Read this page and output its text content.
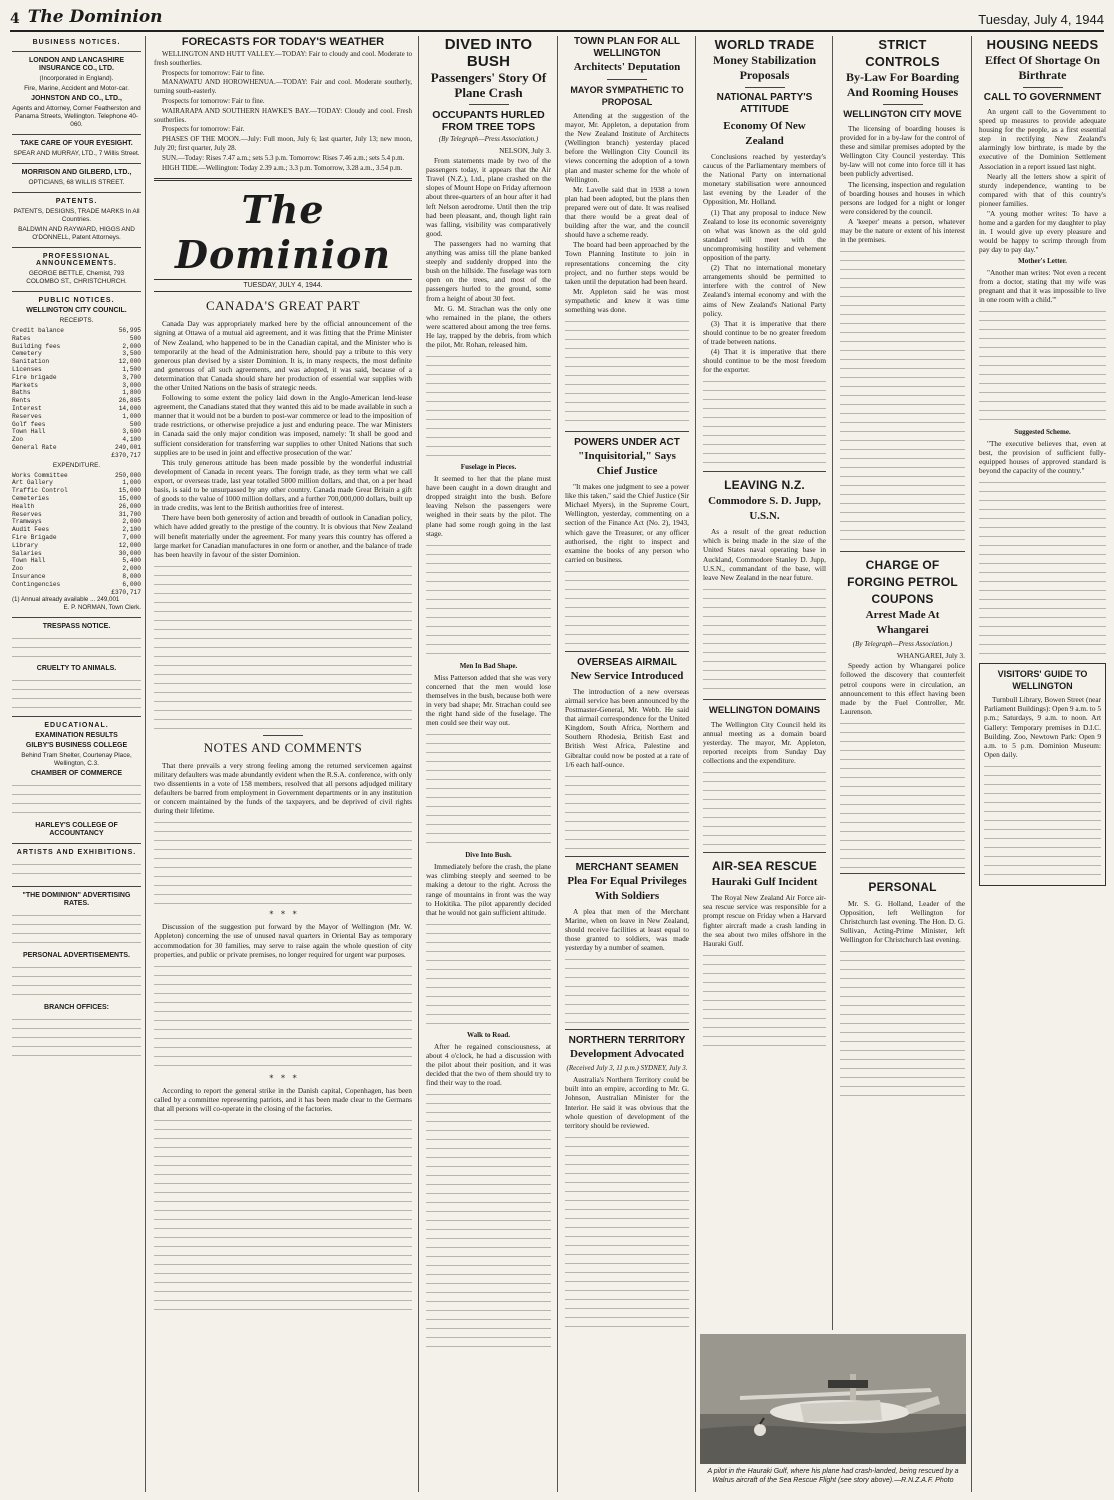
4 The Dominion	Tuesday, July 4, 1944
BUSINESS NOTICES.
LONDON AND LANCASHIRE INSURANCE CO., LTD.
(Incorporated in England).
Fire, Marine, Accident and Motor-car.
JOHNSTON AND CO., LTD.,
Agents and Attorney, Corner Featherston and Panama Streets, Wellington. Telephone 40-060.
TAKE CARE OF YOUR EYESIGHT.
SPEAR AND MURRAY, LTD., 7 Willis Street.
MORRISON AND GILBERD, LTD.,
OPTICIANS, 68 WILLIS STREET.
PATENTS.
PATENTS, DESIGNS, TRADE MARKS In All Countries.
BALDWIN AND RAYWARD, HIGGS AND O'DONNELL, Patent Attorneys.
PROFESSIONAL ANNOUNCEMENTS.
GEORGE BETTLE, Chemist, 793 COLOMBO ST., CHRISTCHURCH.
PUBLIC NOTICES.
WELLINGTON CITY COUNCIL.
RECEIPTS.
Credit balance	56,995
Rates	500
Building fees	2,000
Cemetery	3,500
Sanitation	12,000
Licenses	1,500
Fire brigade	3,700
Markets	3,000
Baths	1,800
Rents	26,805
Interest	14,000
Reserves	1,000
Golf fees	500
Town Hall	3,600
Zoo	4,100
General Rate	249,001
£370,717
EXPENDITURE.
Works Committee	250,000
Art Gallery	1,000
Traffic Control	15,000
Cemeteries	15,000
Health	26,000
Reserves	31,700
Tramways	2,000
Audit Fees	2,100
Fire Brigade	7,000
Library	12,000
Salaries	30,000
Town Hall	5,400
Zoo	2,000
Insurance	8,000
Contingencies	6,000
£370,717
(1) Annual already available ... 249,001
E. P. NORMAN, Town Clerk.
TRESPASS NOTICE.
CRUELTY TO ANIMALS.
EDUCATIONAL.
EXAMINATION RESULTS
GILBY'S BUSINESS COLLEGE
Behind Tram Shelter, Courtenay Place, Wellington, C.3.
CHAMBER OF COMMERCE
HARLEY'S COLLEGE OF ACCOUNTANCY
ARTISTS AND EXHIBITIONS.
"THE DOMINION" ADVERTISING RATES.
PERSONAL ADVERTISEMENTS.
BRANCH OFFICES:
FORECASTS FOR TODAY'S WEATHER

WELLINGTON AND HUTT VALLEY.—TODAY: Fair to cloudy and cool. Moderate to fresh southerlies.

Prospects for tomorrow: Fair to fine.

MANAWATU AND HOROWHENUA.—TODAY: Fair and cool. Moderate southerly, turning south-easterly.

Prospects for tomorrow: Fair to fine.

WAIRARAPA AND SOUTHERN HAWKE'S BAY.—TODAY: Cloudy and cool. Fresh southerlies.

Prospects for tomorrow: Fair.

PHASES OF THE MOON.—July: Full moon, July 6; last quarter, July 13; new moon, July 20; first quarter, July 28.

SUN.—Today: Rises 7.47 a.m.; sets 5.3 p.m. Tomorrow: Rises 7.46 a.m.; sets 5.4 p.m.

HIGH TIDE.—Wellington: Today 2.39 a.m.; 3.3 p.m. Tomorrow, 3.28 a.m., 3.54 p.m.

The Dominion
TUESDAY, JULY 4, 1944.
CANADA'S GREAT PART

Canada Day was appropriately marked here by the official announcement of the signing at Ottawa of a mutual aid agreement, and it was fitting that the Prime Minister of New Zealand, who happened to be in the Canadian capital, and the Minister who is temporarily at the head of the Administration here, should pay a tribute to this very generous plan devised by a sister Dominion. It is, in many respects, the most definite and generous of all such agreements, and was adopted, it was said, because of a determination that Canada should share her production of essential war supplies with the other United Nations on the basis of strategic needs.

Following to some extent the policy laid down in the Anglo-American lend-lease agreement, the Canadians stated that they wanted this aid to be made available in such a manner that it would not be a burden to post-war commerce or lead to the imposition of trade restrictions, or otherwise prejudice a just and enduring peace. The war Ministers in Canada said the only major condition was imposed, namely: 'It shall be good and sufficient consideration for transferring war supplies to other United Nations that such supplies are to be used in joint and effective prosecution of the war.'

This truly generous attitude has been made possible by the wonderful industrial development of Canada in recent years. The foreign trade, as they term what we call export, or overseas trade, last year totalled 5000 million dollars, and that, on a per head basis, is said to be unsurpassed by any other country. Canada made Great Britain a gift of goods to the value of 1000 million dollars, and a further 700,000,000 dollars, built up in trade credits, was lent to the British authorities free of interest.

There have been both generosity of action and breadth of outlook in Canadian policy, which have added greatly to the prestige of the country. It is obvious that New Zealand will benefit materially under the agreement. For many years this country has offered a large market for Canadian manufactures in one form or another, and the balance of trade has been heavily in favour of the sister Dominion.

NOTES AND COMMENTS

That there prevails a very strong feeling among the returned servicemen against military defaulters was made abundantly evident when the R.S.A. conference, with only two dissentients in a vote of 158 members, resolved that all persons adjudged military defaulters be barred from employment in Government departments or in any institution or concern maintained by the funds of the taxpayers, and be deprived of civil rights during their lifetime.

*   *   *

Discussion of the suggestion put forward by the Mayor of Wellington (Mr. W. Appleton) concerning the use of unused naval quarters in Oriental Bay as temporary accommodation for 30 families, may serve to raise again the whole question of city properties, and public or private premises, no longer required for urgent war purposes.

*   *   *

According to report the general strike in the Danish capital, Copenhagen, has been called by a committee representing patriots, and it has been made clear to the Germans that all persons will co-operate in the closing of the factories.

DIVED INTO BUSH
Passengers' Story Of Plane Crash
OCCUPANTS HURLED FROM TREE TOPS
(By Telegraph—Press Association.)

NELSON, July 3.

From statements made by two of the passengers today, it appears that the Air Travel (N.Z.), Ltd., plane crashed on the slopes of Mount Hope on Friday afternoon about three-quarters of an hour after it had left Nelson aerodrome. Until then the trip had been pleasant, and, though light rain was falling, visibility was comparatively good.

The passengers had no warning that anything was amiss till the plane banked steeply and suddenly dropped into the bush on the hillside. The fuselage was torn open on the trees, and most of the passengers hurled to the ground, some from a height of about 30 feet.

Mr. G. M. Strachan was the only one who remained in the plane, the others were scattered about among the tree ferns. He lay, trapped by the debris, from which the pilot, Mr. Rohan, released him.

Fuselage in Pieces.

It seemed to her that the plane must have been caught in a down draught and dropped straight into the bush. Before leaving Nelson the passengers were weighed in their seats by the pilot. The plane had some rough going in the last stage.

Men In Bad Shape.

Miss Patterson added that she was very concerned that the men would lose themselves in the bush, because both were in very bad shape; Mr. Strachan could see the right hand side of the fuselage. The men could see their way out.

Dive Into Bush.

Immediately before the crash, the plane was climbing steeply and seemed to be making a detour to the right. Across the range of mountains in front was the way to Hokitika. The pilot apparently decided that he would not gain sufficient altitude.

Walk to Road.

After he regained consciousness, at about 4 o'clock, he had a discussion with the pilot about their position, and it was decided that the two of them should try to find their way to the road.

TOWN PLAN FOR ALL WELLINGTON
Architects' Deputation
MAYOR SYMPATHETIC TO PROPOSAL

Attending at the suggestion of the mayor, Mr. Appleton, a deputation from the New Zealand Institute of Architects (Wellington branch) yesterday placed before the Wellington City Council its views concerning the adoption of a town plan and master scheme for the whole of Wellington.

Mr. Lavelle said that in 1938 a town plan had been adopted, but the plans then prepared were out of date. It was realised that there would be a great deal of building after the war, and the council should have a scheme ready.

The board had been approached by the Town Planning Institute to join in representations concerning the city project, and no further steps would be taken until the deputation had been heard.

Mr. Appleton said he was most sympathetic and knew it was time something was done.

POWERS UNDER ACT
"Inquisitorial," Says Chief Justice

"It makes one judgment to see a power like this taken," said the Chief Justice (Sir Michael Myers), in the Supreme Court, Wellington, yesterday, commenting on a section of the Finance Act (No. 2), 1943, which gave the Treasurer, or any officer authorised, the right to inspect and examine the books of any person who carried on business.

OVERSEAS AIRMAIL
New Service Introduced

The introduction of a new overseas airmail service has been announced by the Postmaster-General, Mr. Webb. He said that airmail correspondence for the United Kingdom, South Africa, Northern and Southern Rhodesia, British East and British West Africa, Palestine and Gibraltar could now be posted at a rate of 1/6 each half-ounce.

MERCHANT SEAMEN
Plea For Equal Privileges With Soldiers

A plea that men of the Merchant Marine, when on leave in New Zealand, should receive facilities at least equal to those granted to soldiers, was made yesterday by a number of seamen.

NORTHERN TERRITORY
Development Advocated
(Received July 3, 11 p.m.) SYDNEY, July 3.

Australia's Northern Territory could be built into an empire, according to Mr. G. Johnson, Australian Minister for the Interior. He said it was obvious that the whole question of development of the territory should be reviewed.

WORLD TRADE
Money Stabilization Proposals
NATIONAL PARTY'S ATTITUDE
Economy Of New Zealand

Conclusions reached by yesterday's caucus of the Parliamentary members of the National Party on international monetary stabilisation were announced last evening by the Leader of the Opposition, Mr. Holland.

(1) That any proposal to induce New Zealand to lose its economic sovereignty on what was known as the old gold standard will meet with the uncompromising hostility and vehement opposition of the party.

(2) That no international monetary arrangements should be permitted to interfere with the control of New Zealand's internal economy and with the aims of New Zealand's National Party policy.

(3) That it is imperative that there should continue to be no greater freedom of trade between nations.

(4) That it is imperative that there should continue to be the most freedom for the exporter.

LEAVING N.Z.
Commodore S. D. Jupp, U.S.N.

As a result of the great reduction which is being made in the size of the United States naval operating base in Auckland, Commodore Stanley D. Jupp, U.S.N., commandant of the base, will leave New Zealand in the near future.

WELLINGTON DOMAINS

The Wellington City Council held its annual meeting as a domain board yesterday. The mayor, Mr. Appleton, reported receipts from Sunday Day collections and the expenditure.

AIR-SEA RESCUE
Hauraki Gulf Incident

The Royal New Zealand Air Force air-sea rescue service was responsible for a prompt rescue on Friday when a Harvard fighter aircraft made a crash landing in the sea about two miles offshore in the Hauraki Gulf.

STRICT CONTROLS
By-Law For Boarding And Rooming Houses
WELLINGTON CITY MOVE

The licensing of boarding houses is provided for in a by-law for the control of these and similar premises adopted by the Wellington City Council yesterday. This by-law will not come into force till it has been publicly advertised.

The licensing, inspection and regulation of boarding houses and houses in which persons are lodged for a night or longer were considered by the council.

A 'keeper' means a person, whatever may be the nature or extent of his interest in the premises.

CHARGE OF FORGING PETROL COUPONS
Arrest Made At Whangarei
(By Telegraph—Press Association.)

WHANGAREI, July 3.

Speedy action by Whangarei police followed the discovery that counterfeit petrol coupons were in circulation, an announcement to this effect having been made by the Fuel Controller, Mr. Laurenson.

PERSONAL

Mr. S. G. Holland, Leader of the Opposition, left Wellington for Christchurch last evening. The Hon. D. G. Sullivan, Acting-Prime Minister, left Wellington for Christchurch last evening.

HOUSING NEEDS
Effect Of Shortage On Birthrate
CALL TO GOVERNMENT

An urgent call to the Government to speed up measures to provide adequate housing for the people, as a first essential step in rectifying New Zealand's alarmingly low birthrate, is made by the executive of the Dominion Settlement Association in a report issued last night.

Nearly all the letters show a spirit of sturdy independence, wanting to be compared with that of this country's pioneer families.

"A young mother writes: To have a home and a garden for my daughter to play in. I would give up every pleasure and would be happy to scrimp through from pay day to pay day."

Mother's Letter.

"Another man writes: 'Not even a recent from a doctor, stating that my wife was pregnant and that it was impossible to live in one room with a child.'"

Suggested Scheme.

"The executive believes that, even at best, the provision of sufficient fully-equipped houses of approved standard is beyond the capacity of the country."

VISITORS' GUIDE TO WELLINGTON

Turnbull Library, Bowen Street (near Parliament Buildings): Open 9 a.m. to 5 p.m.; Saturdays, 9 a.m. to noon. Art Gallery: Temporary premises in D.I.C. Building. Zoo, Newtown Park: Open 9 a.m. to 5 p.m. Dominion Museum: Open daily.

A pilot in the Hauraki Gulf, where his plane had crash-landed, being rescued by a Walrus aircraft of the Sea Rescue Flight (see story above).—R.N.Z.A.F. Photo
